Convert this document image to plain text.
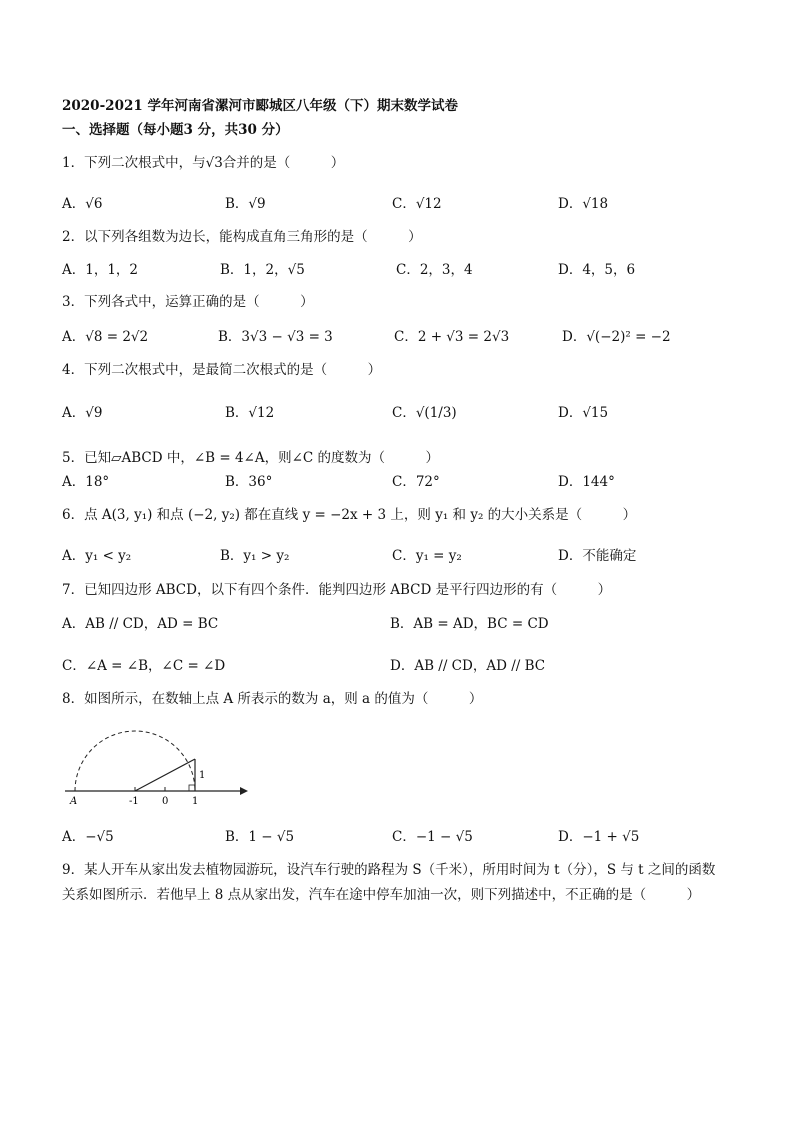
2020-2021 学年河南省漯河市郾城区八年级（下）期末数学试卷
一、选择题（每小题3 分，共30 分）
1．下列二次根式中，与√3合并的是（　　　）
A．√6	B．√9	C．√12	D．√18
2．以下列各组数为边长，能构成直角三角形的是（　　　）
A．1，1，2	B．1，2，√5	C．2，3，4	D．4，5，6
3．下列各式中，运算正确的是（　　　）
A．√8 = 2√2	B．3√3 − √3 = 3	C．2 + √3 = 2√3	D．√(−2)² = −2
4．下列二次根式中，是最简二次根式的是（　　　）
A．√9	B．√12	C．√(1/3)	D．√15
5．已知▱ABCD 中，∠B = 4∠A，则∠C 的度数为（　　　）
A．18°	B．36°	C．72°	D．144°
6．点 A(3, y₁) 和点 (−2, y₂) 都在直线 y = −2x + 3 上，则 y₁ 和 y₂ 的大小关系是（　　　）
A．y₁ < y₂	B．y₁ > y₂	C．y₁ = y₂	D．不能确定
7．已知四边形 ABCD，以下有四个条件．能判四边形 ABCD 是平行四边形的有（　　　）
A．AB // CD，AD = BC	B．AB = AD，BC = CD
C．∠A = ∠B，∠C = ∠D	D．AB // CD，AD // BC
8．如图所示，在数轴上点 A 所表示的数为 a，则 a 的值为（　　　）
A	-1 0 1
1
A．−√5	B．1 − √5	C．−1 − √5	D．−1 + √5
9．某人开车从家出发去植物园游玩，设汽车行驶的路程为 S（千米），所用时间为 t（分），S 与 t 之间的函数
关系如图所示．若他早上 8 点从家出发，汽车在途中停车加油一次，则下列描述中，不正确的是（　　　）
